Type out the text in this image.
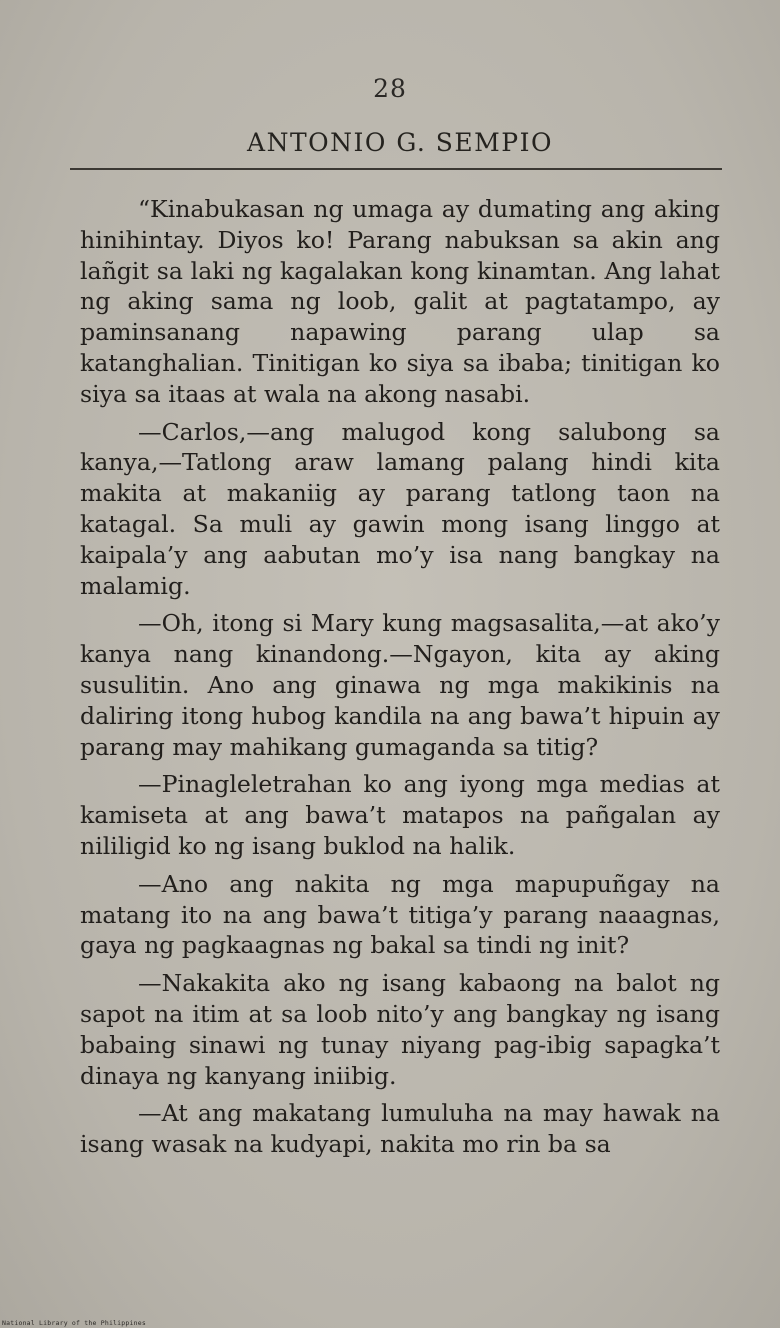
28
ANTONIO G. SEMPIO

“Kinabukasan ng umaga ay dumating ang aking hinihintay. Diyos ko! Parang nabuksan sa akin ang lañgit sa laki ng kagalakan kong kinamtan. Ang lahat ng aking sama ng loob, galit at pagtatampo, ay paminsanang napawing parang ulap sa katanghalian. Tinitigan ko siya sa ibaba; tinitigan ko siya sa itaas at wala na akong nasabi.

—Carlos,—ang malugod kong salubong sa kanya,—Tatlong araw lamang palang hindi kita makita at makaniig ay parang tatlong taon na katagal. Sa muli ay gawin mong isang linggo at kaipala’y ang aabutan mo’y isa nang bangkay na malamig.

—Oh, itong si Mary kung magsasalita,—at ako’y kanya nang kinandong.—Ngayon, kita ay aking susulitin. Ano ang ginawa ng mga makikinis na daliring itong hubog kandila na ang bawa’t hipuin ay parang may mahikang gumaganda sa titig?

—Pinagleletrahan ko ang iyong mga medias at kamiseta at ang bawa’t matapos na pañgalan ay nililigid ko ng isang buklod na halik.

—Ano ang nakita ng mga mapupuñgay na matang ito na ang bawa’t titiga’y parang naaagnas, gaya ng pagkaagnas ng bakal sa tindi ng init?

—Nakakita ako ng isang kabaong na balot ng sapot na itim at sa loob nito’y ang bangkay ng isang babaing sinawi ng tunay niyang pag-ibig sapagka’t dinaya ng kanyang iniibig.

—At ang makatang lumuluha na may hawak na isang wasak na kudyapi, nakita mo rin ba sa

National Library of the Philippines
